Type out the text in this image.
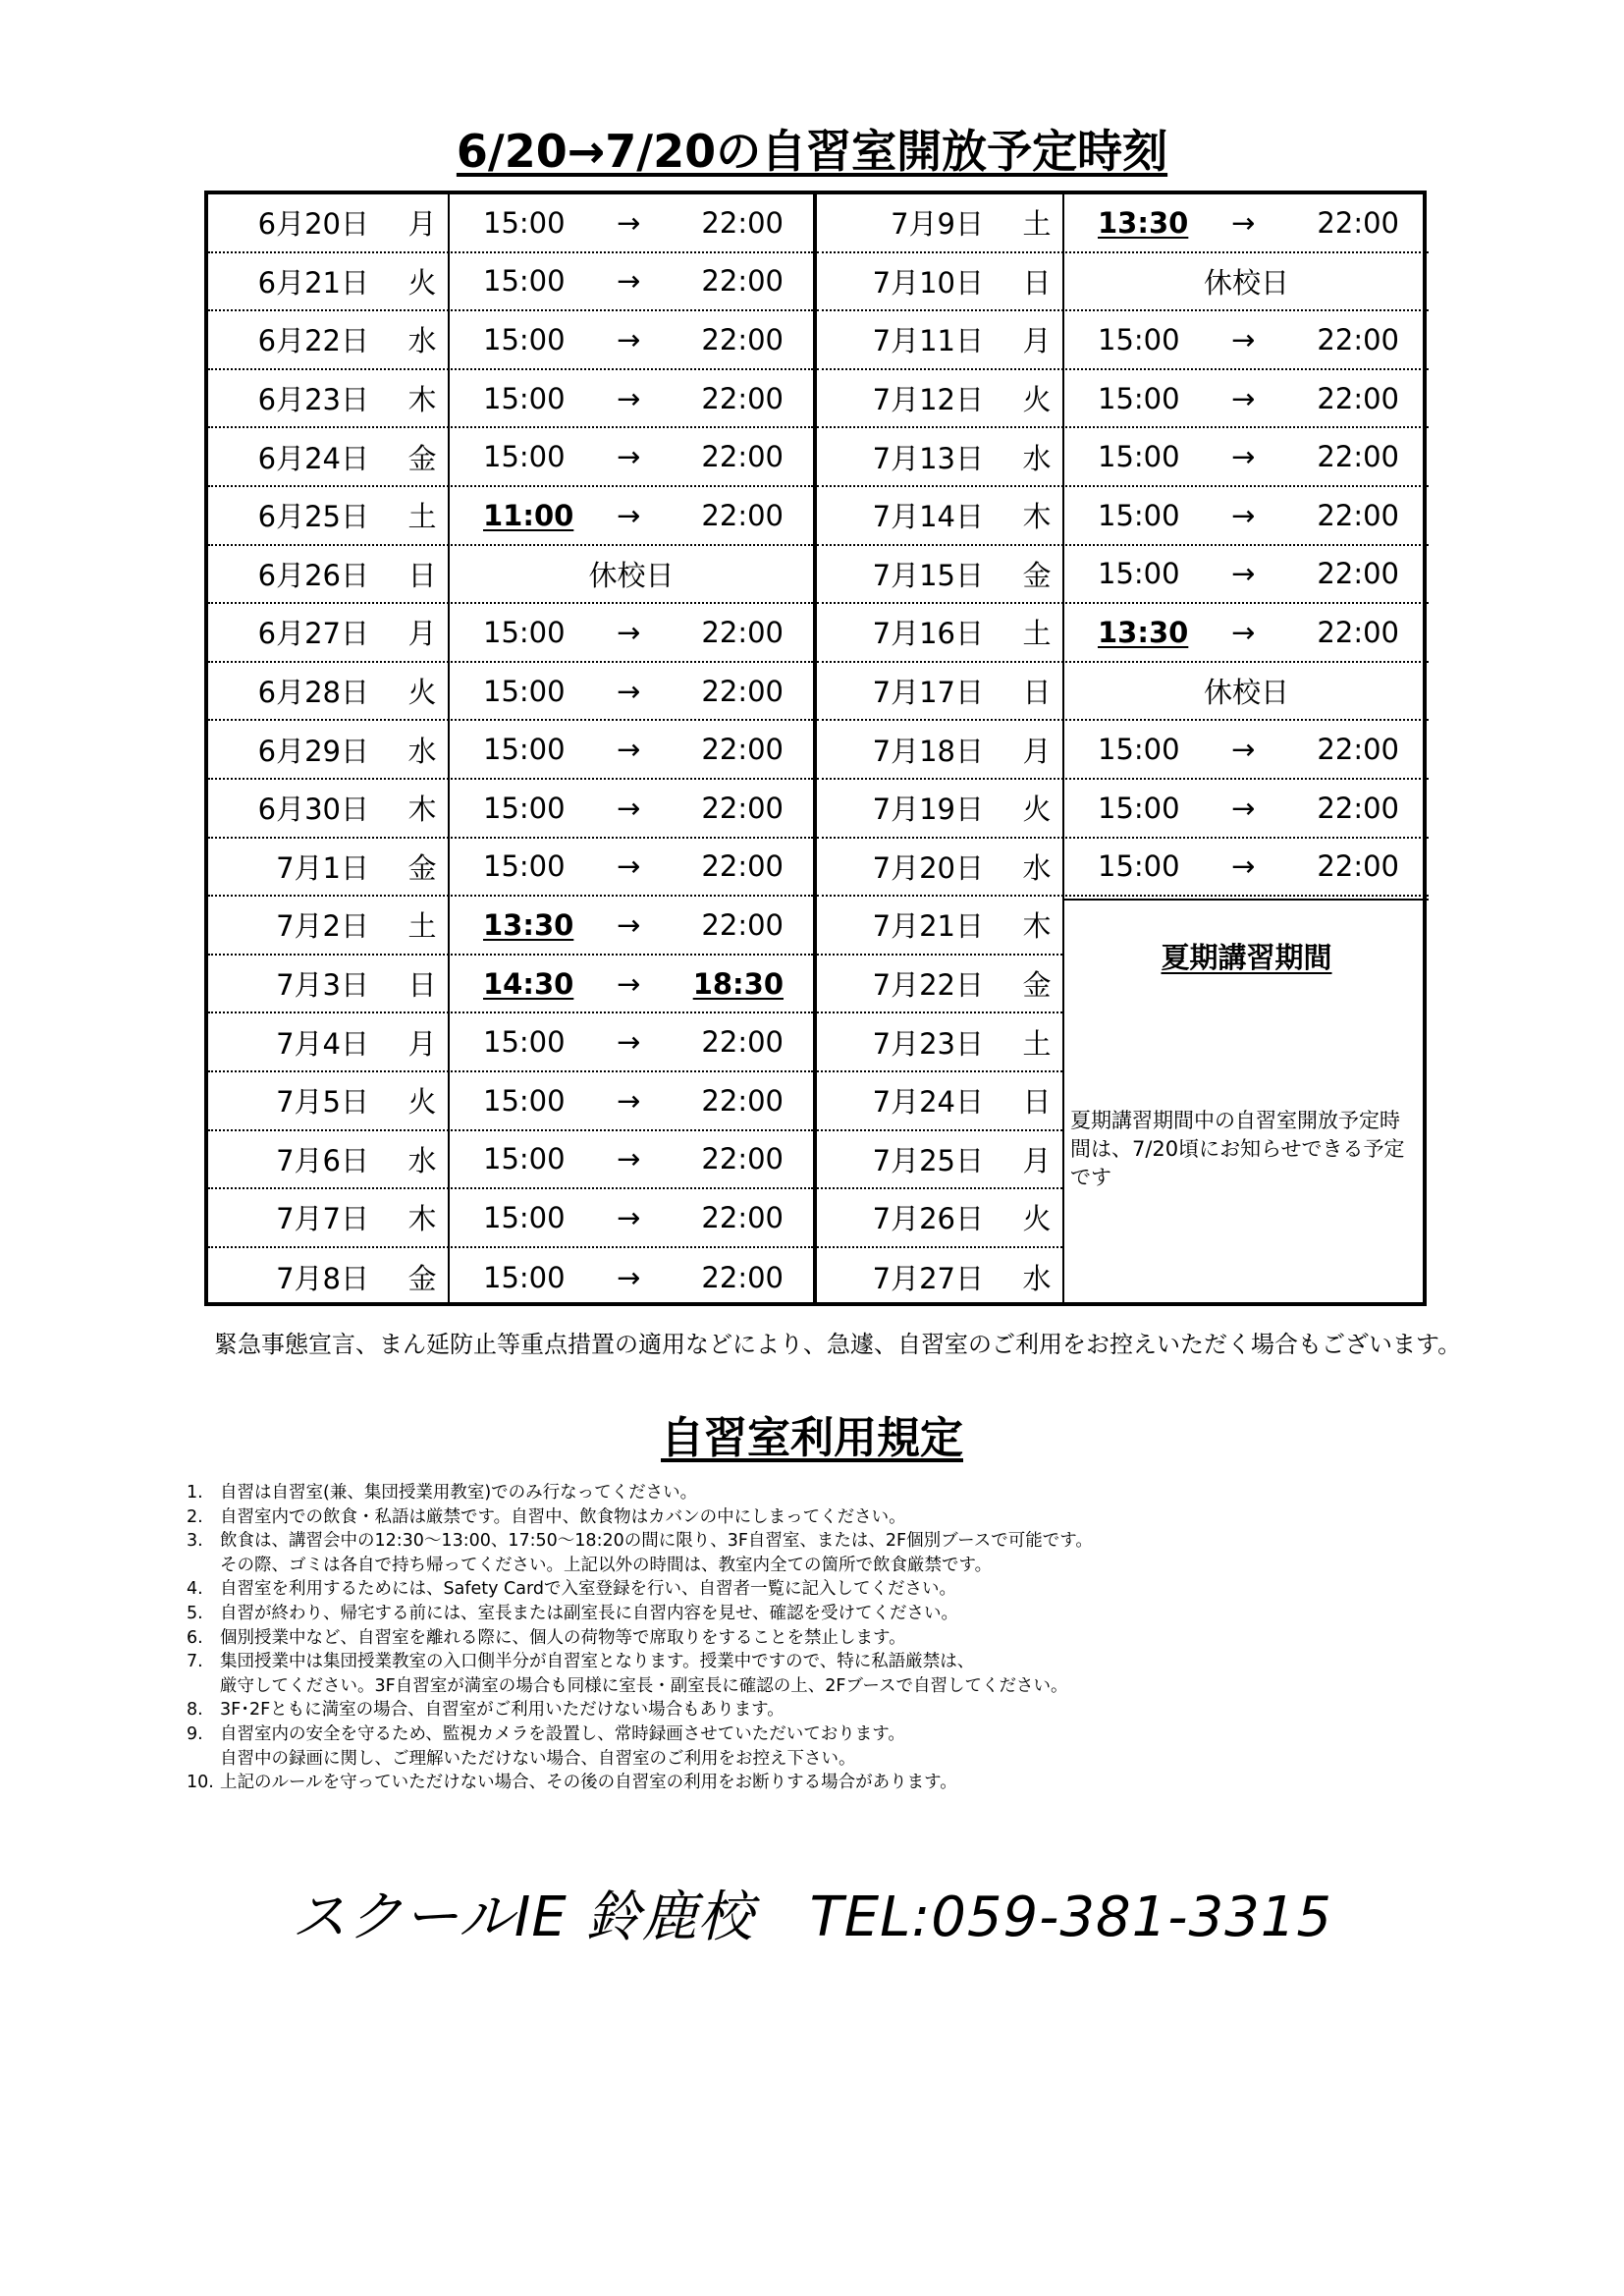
6/20→7/20の自習室開放予定時刻
6月20日	月	15:00 → 22:00
6月21日	火	15:00 → 22:00
6月22日	水	15:00 → 22:00
6月23日	木	15:00 → 22:00
6月24日	金	15:00 → 22:00
6月25日	土	11:00 → 22:00
6月26日	日	休校日
6月27日	月	15:00 → 22:00
6月28日	火	15:00 → 22:00
6月29日	水	15:00 → 22:00
6月30日	木	15:00 → 22:00
7月1日	金	15:00 → 22:00
7月2日	土	13:30 → 22:00
7月3日	日	14:30 → 18:30
7月4日	月	15:00 → 22:00
7月5日	火	15:00 → 22:00
7月6日	水	15:00 → 22:00
7月7日	木	15:00 → 22:00
7月8日	金	15:00 → 22:00
夏期講習期間
夏期講習期間中の自習室開放予定時間は、7/20頃にお知らせできる予定です
7月9日	土	13:30 → 22:00
7月10日	日	休校日
7月11日	月	15:00 → 22:00
7月12日	火	15:00 → 22:00
7月13日	水	15:00 → 22:00
7月14日	木	15:00 → 22:00
7月15日	金	15:00 → 22:00
7月16日	土	13:30 → 22:00
7月17日	日	休校日
7月18日	月	15:00 → 22:00
7月19日	火	15:00 → 22:00
7月20日	水	15:00 → 22:00
7月21日	木
7月22日	金
7月23日	土
7月24日	日
7月25日	月
7月26日	火
7月27日	水
緊急事態宣言、まん延防止等重点措置の適用などにより、急遽、自習室のご利用をお控えいただく場合もございます。
自習室利用規定
1. 自習は自習室(兼、集団授業用教室)でのみ行なってください。
2. 自習室内での飲食・私語は厳禁です。自習中、飲食物はカバンの中にしまってください。
3. 飲食は、講習会中の12:30～13:00、17:50～18:20の間に限り、3F自習室、または、2F個別ブースで可能です。
その際、ゴミは各自で持ち帰ってください。上記以外の時間は、教室内全ての箇所で飲食厳禁です。
4. 自習室を利用するためには、Safety Cardで入室登録を行い、自習者一覧に記入してください。
5. 自習が終わり、帰宅する前には、室長または副室長に自習内容を見せ、確認を受けてください。
6. 個別授業中など、自習室を離れる際に、個人の荷物等で席取りをすることを禁止します。
7. 集団授業中は集団授業教室の入口側半分が自習室となります。授業中ですので、特に私語厳禁は、
厳守してください。3F自習室が満室の場合も同様に室長・副室長に確認の上、2Fブースで自習してください。
8. 3F･2Fともに満室の場合、自習室がご利用いただけない場合もあります。
9. 自習室内の安全を守るため、監視カメラを設置し、常時録画させていただいております。
自習中の録画に関し、ご理解いただけない場合、自習室のご利用をお控え下さい。
10. 上記のルールを守っていただけない場合、その後の自習室の利用をお断りする場合があります。
スクールIE 鈴鹿校　TEL:059-381-3315
